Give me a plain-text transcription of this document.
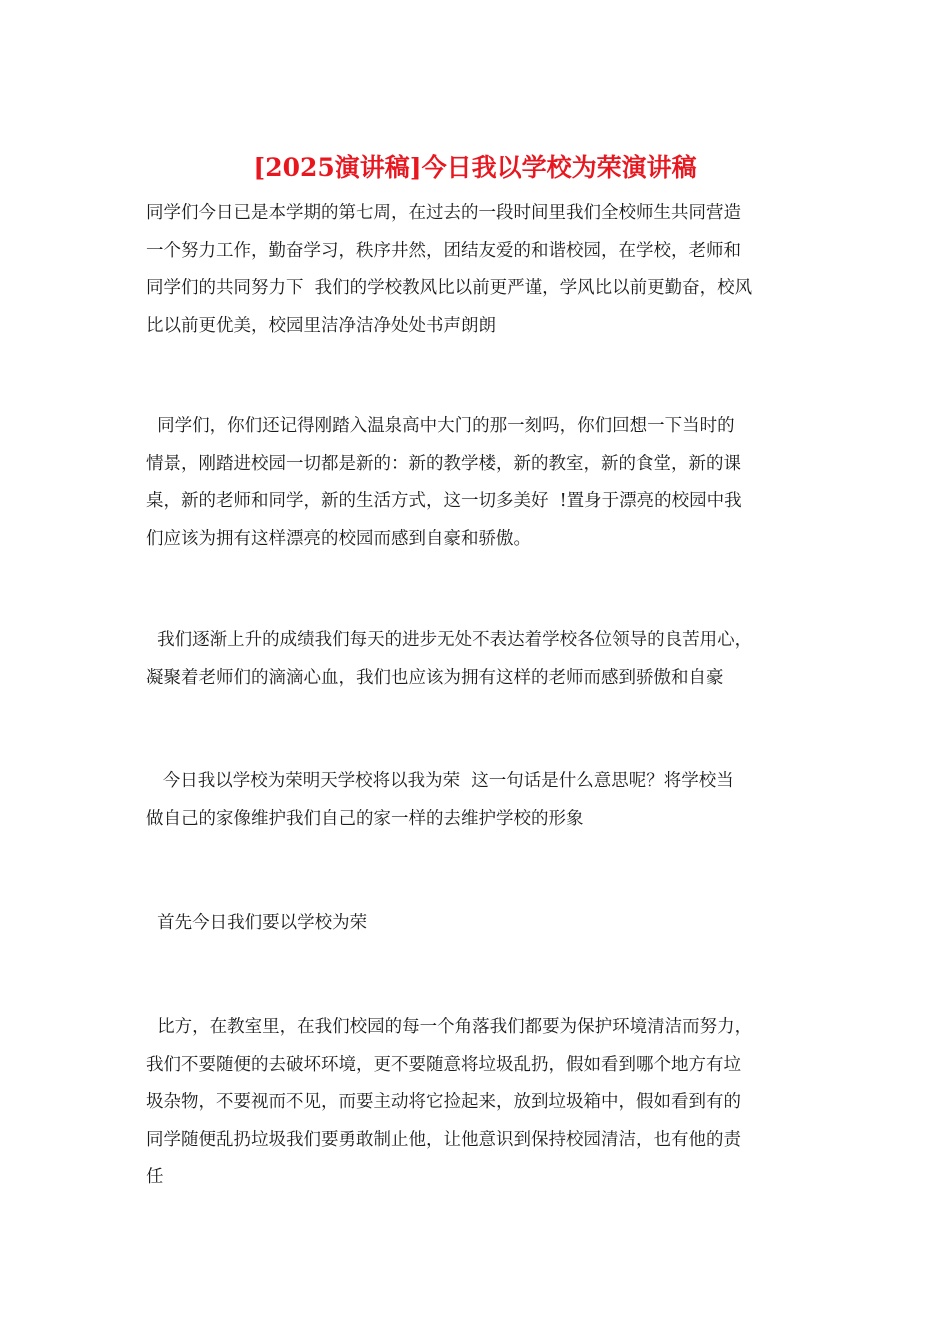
[2025演讲稿]今日我以学校为荣演讲稿
同学们今日已是本学期的第七周，在过去的一段时间里我们全校师生共同营造
一个努力工作，勤奋学习，秩序井然，团结友爱的和谐校园，在学校，老师和
同学们的共同努力下  我们的学校教风比以前更严谨，学风比以前更勤奋，校风
比以前更优美，校园里洁净洁净处处书声朗朗
同学们，你们还记得刚踏入温泉高中大门的那一刻吗，你们回想一下当时的
情景，刚踏进校园一切都是新的：新的教学楼，新的教室，新的食堂，新的课
桌，新的老师和同学，新的生活方式，这一切多美好  !置身于漂亮的校园中我
们应该为拥有这样漂亮的校园而感到自豪和骄傲。
我们逐渐上升的成绩我们每天的进步无处不表达着学校各位领导的良苦用心，
凝聚着老师们的滴滴心血，我们也应该为拥有这样的老师而感到骄傲和自豪
今日我以学校为荣明天学校将以我为荣  这一句话是什么意思呢？将学校当
做自己的家像维护我们自己的家一样的去维护学校的形象
首先今日我们要以学校为荣
比方，在教室里，在我们校园的每一个角落我们都要为保护环境清洁而努力，
我们不要随便的去破坏环境，更不要随意将垃圾乱扔，假如看到哪个地方有垃
圾杂物，不要视而不见，而要主动将它捡起来，放到垃圾箱中，假如看到有的
同学随便乱扔垃圾我们要勇敢制止他，让他意识到保持校园清洁，也有他的责
任
